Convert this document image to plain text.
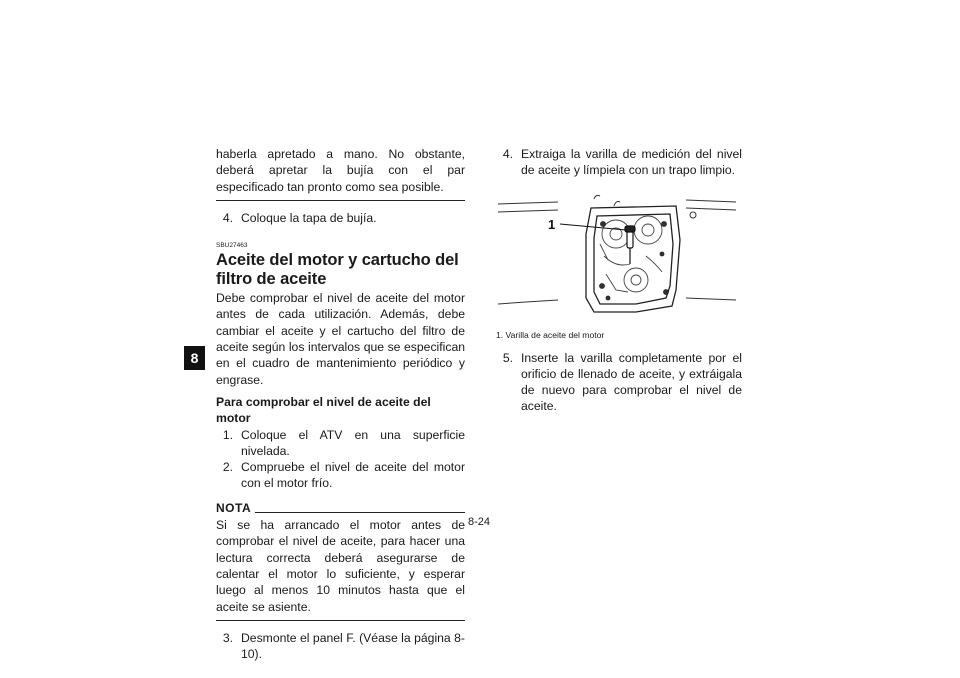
8

haberla apretado a mano. No obstante, deberá apretar la bujía con el par especificado tan pronto como sea posible.

4. Coloque la tapa de bujía.
SBU27463
Aceite del motor y cartucho del filtro de aceite

Debe comprobar el nivel de aceite del motor antes de cada utilización. Además, debe cambiar el aceite y el cartucho del filtro de aceite según los intervalos que se especifican en el cuadro de mantenimiento periódico y engrase.

Para comprobar el nivel de aceite del motor
1. Coloque el ATV en una superficie nivelada.
2. Compruebe el nivel de aceite del motor con el motor frío.
NOTA

Si se ha arrancado el motor antes de comprobar el nivel de aceite, para hacer una lectura correcta deberá asegurarse de calentar el motor lo suficiente, y esperar luego al menos 10 minutos hasta que el aceite se asiente.

3. Desmonte el panel F. (Véase la página 8-10).
4. Extraiga la varilla de medición del nivel de aceite y límpiela con un trapo limpio.
1
1. Varilla de aceite del motor
5. Inserte la varilla completamente por el orificio de llenado de aceite, y extráigala de nuevo para comprobar el nivel de aceite.
8-24
